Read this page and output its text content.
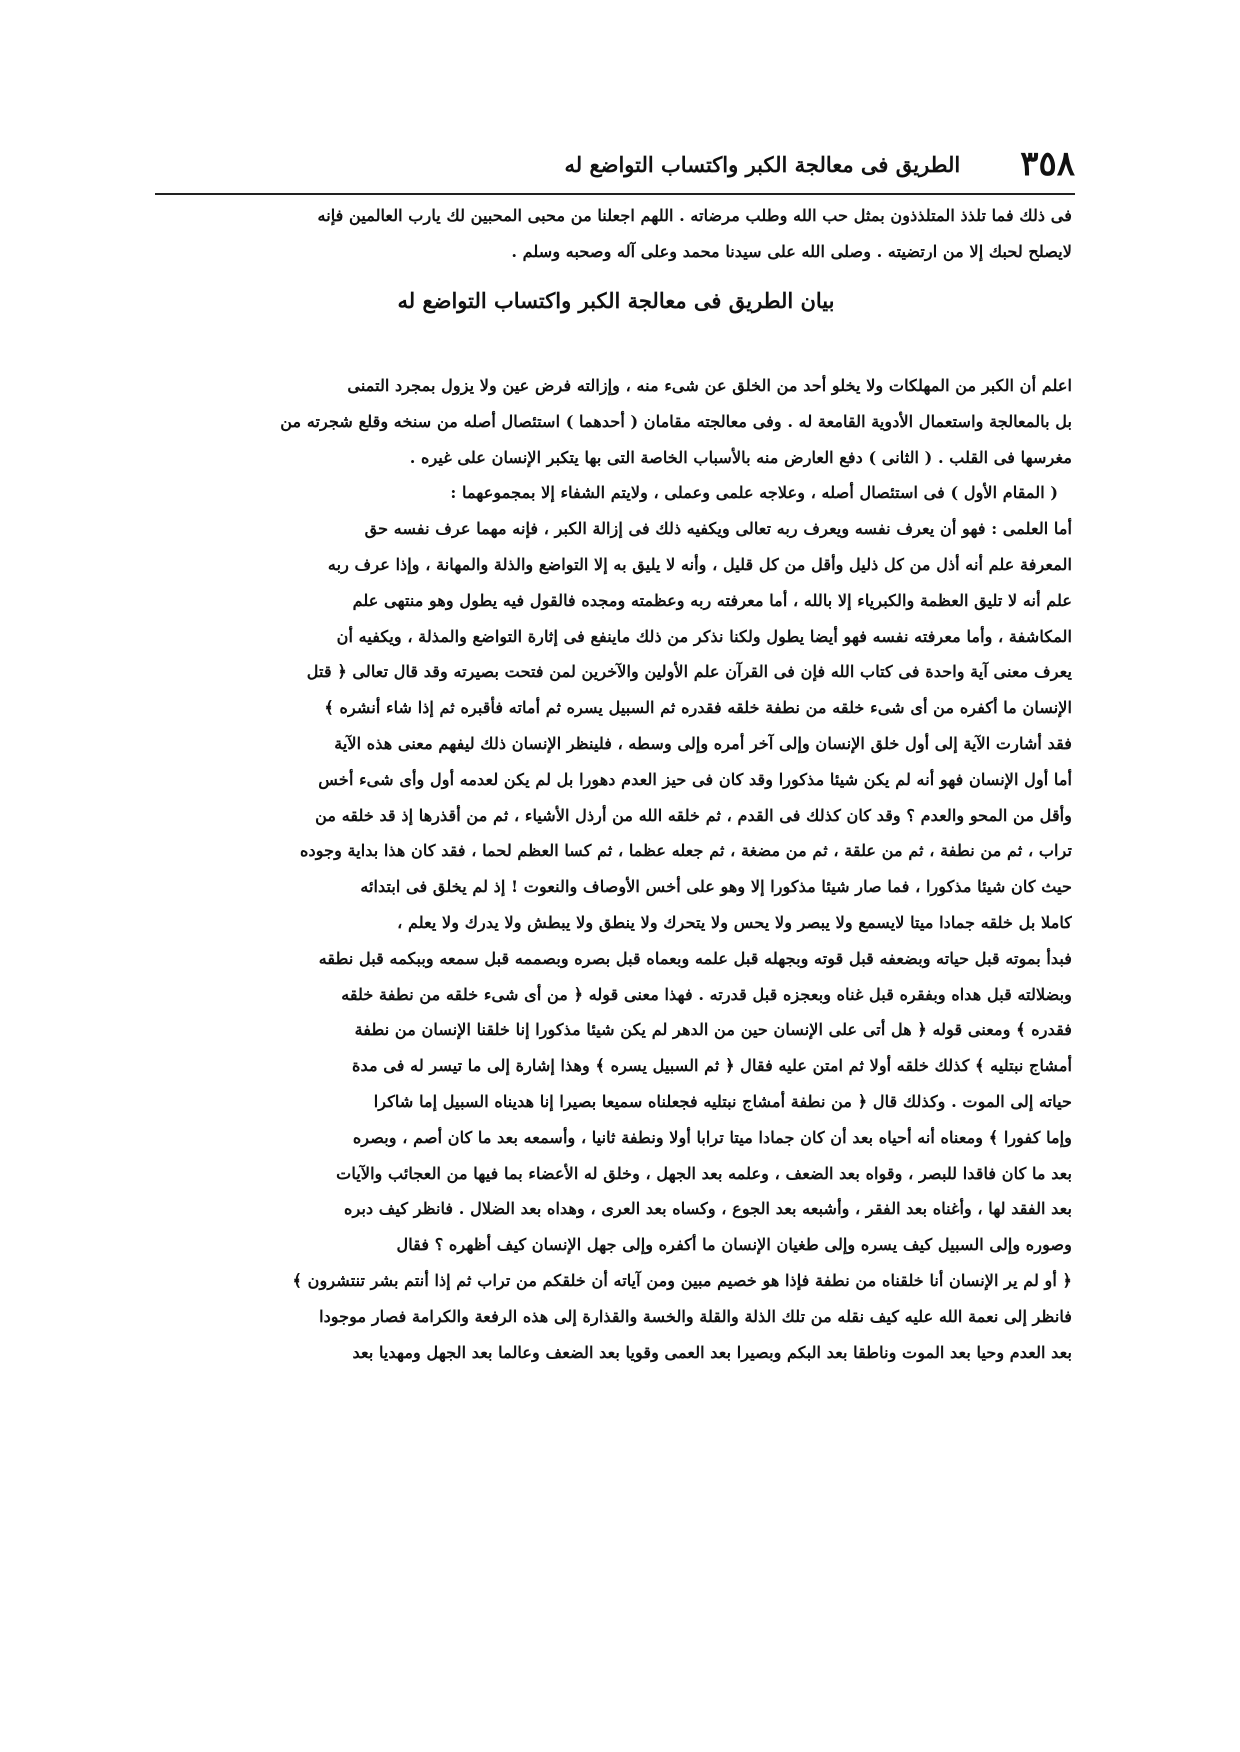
٣٥٨
الطريق فى معالجة الكبر واكتساب التواضع له
فى ذلك فما تلذذ المتلذذون بمثل حب الله وطلب مرضاته . اللهم اجعلنا من محبى المحبين لك يارب العالمين فإنه
لايصلح لحبك إلا من ارتضيته . وصلى الله على سيدنا محمد وعلى آله وصحبه وسلم .
بيان الطريق فى معالجة الكبر واكتساب التواضع له
اعلم أن الكبر من المهلكات ولا يخلو أحد من الخلق عن شىء منه ، وإزالته فرض عين ولا يزول بمجرد التمنى
بل بالمعالجة واستعمال الأدوية القامعة له . وفى معالجته مقامان ( أحدهما ) استئصال أصله من سنخه وقلع شجرته من
مغرسها فى القلب . ( الثانى ) دفع العارض منه بالأسباب الخاصة التى بها يتكبر الإنسان على غيره .
( المقام الأول ) فى استئصال أصله ، وعلاجه علمى وعملى ، ولايتم الشفاء إلا بمجموعهما :
أما العلمى : فهو أن يعرف نفسه ويعرف ربه تعالى ويكفيه ذلك فى إزالة الكبر ، فإنه مهما عرف نفسه حق
المعرفة علم أنه أذل من كل ذليل وأقل من كل قليل ، وأنه لا يليق به إلا التواضع والذلة والمهانة ، وإذا عرف ربه
علم أنه لا تليق العظمة والكبرياء إلا بالله ، أما معرفته ربه وعظمته ومجده فالقول فيه يطول وهو منتهى علم
المكاشفة ، وأما معرفته نفسه فهو أيضا يطول ولكنا نذكر من ذلك ماينفع فى إثارة التواضع والمذلة ، ويكفيه أن
يعرف معنى آية واحدة فى كتاب الله فإن فى القرآن علم الأولين والآخرين لمن فتحت بصيرته وقد قال تعالى ﴿ قتل
الإنسان ما أكفره من أى شىء خلقه من نطفة خلقه فقدره ثم السبيل يسره ثم أماته فأقبره ثم إذا شاء أنشره ﴾
فقد أشارت الآية إلى أول خلق الإنسان وإلى آخر أمره وإلى وسطه ، فلينظر الإنسان ذلك ليفهم معنى هذه الآية
أما أول الإنسان فهو أنه لم يكن شيئا مذكورا وقد كان فى حيز العدم دهورا بل لم يكن لعدمه أول وأى شىء أخس
وأقل من المحو والعدم ؟ وقد كان كذلك فى القدم ، ثم خلقه الله من أرذل الأشياء ، ثم من أقذرها إذ قد خلقه من
تراب ، ثم من نطفة ، ثم من علقة ، ثم من مضغة ، ثم جعله عظما ، ثم كسا العظم لحما ، فقد كان هذا بداية وجوده
حيث كان شيئا مذكورا ، فما صار شيئا مذكورا إلا وهو على أخس الأوصاف والنعوت ! إذ لم يخلق فى ابتدائه
كاملا بل خلقه جمادا ميتا لايسمع ولا يبصر ولا يحس ولا يتحرك ولا ينطق ولا يبطش ولا يدرك ولا يعلم ،
فبدأ بموته قبل حياته وبضعفه قبل قوته وبجهله قبل علمه وبعماه قبل بصره وبصممه قبل سمعه وببكمه قبل نطقه
وبضلالته قبل هداه وبفقره قبل غناه وبعجزه قبل قدرته . فهذا معنى قوله ﴿ من أى شىء خلقه من نطفة خلقه
فقدره ﴾ ومعنى قوله ﴿ هل أتى على الإنسان حين من الدهر لم يكن شيئا مذكورا إنا خلقنا الإنسان من نطفة
أمشاج نبتليه ﴾ كذلك خلقه أولا ثم امتن عليه فقال ﴿ ثم السبيل يسره ﴾ وهذا إشارة إلى ما تيسر له فى مدة
حياته إلى الموت . وكذلك قال ﴿ من نطفة أمشاج نبتليه فجعلناه سميعا بصيرا إنا هديناه السبيل إما شاكرا
وإما كفورا ﴾ ومعناه أنه أحياه بعد أن كان جمادا ميتا ترابا أولا ونطفة ثانيا ، وأسمعه بعد ما كان أصم ، وبصره
بعد ما كان فاقدا للبصر ، وقواه بعد الضعف ، وعلمه بعد الجهل ، وخلق له الأعضاء بما فيها من العجائب والآيات
بعد الفقد لها ، وأغناه بعد الفقر ، وأشبعه بعد الجوع ، وكساه بعد العرى ، وهداه بعد الضلال . فانظر كيف دبره
وصوره وإلى السبيل كيف يسره وإلى طغيان الإنسان ما أكفره وإلى جهل الإنسان كيف أظهره ؟ فقال
﴿ أو لم ير الإنسان أنا خلقناه من نطفة فإذا هو خصيم مبين ومن آياته أن خلقكم من تراب ثم إذا أنتم بشر تنتشرون ﴾
فانظر إلى نعمة الله عليه كيف نقله من تلك الذلة والقلة والخسة والقذارة إلى هذه الرفعة والكرامة فصار موجودا
بعد العدم وحيا بعد الموت وناطقا بعد البكم وبصيرا بعد العمى وقويا بعد الضعف وعالما بعد الجهل ومهديا بعد
